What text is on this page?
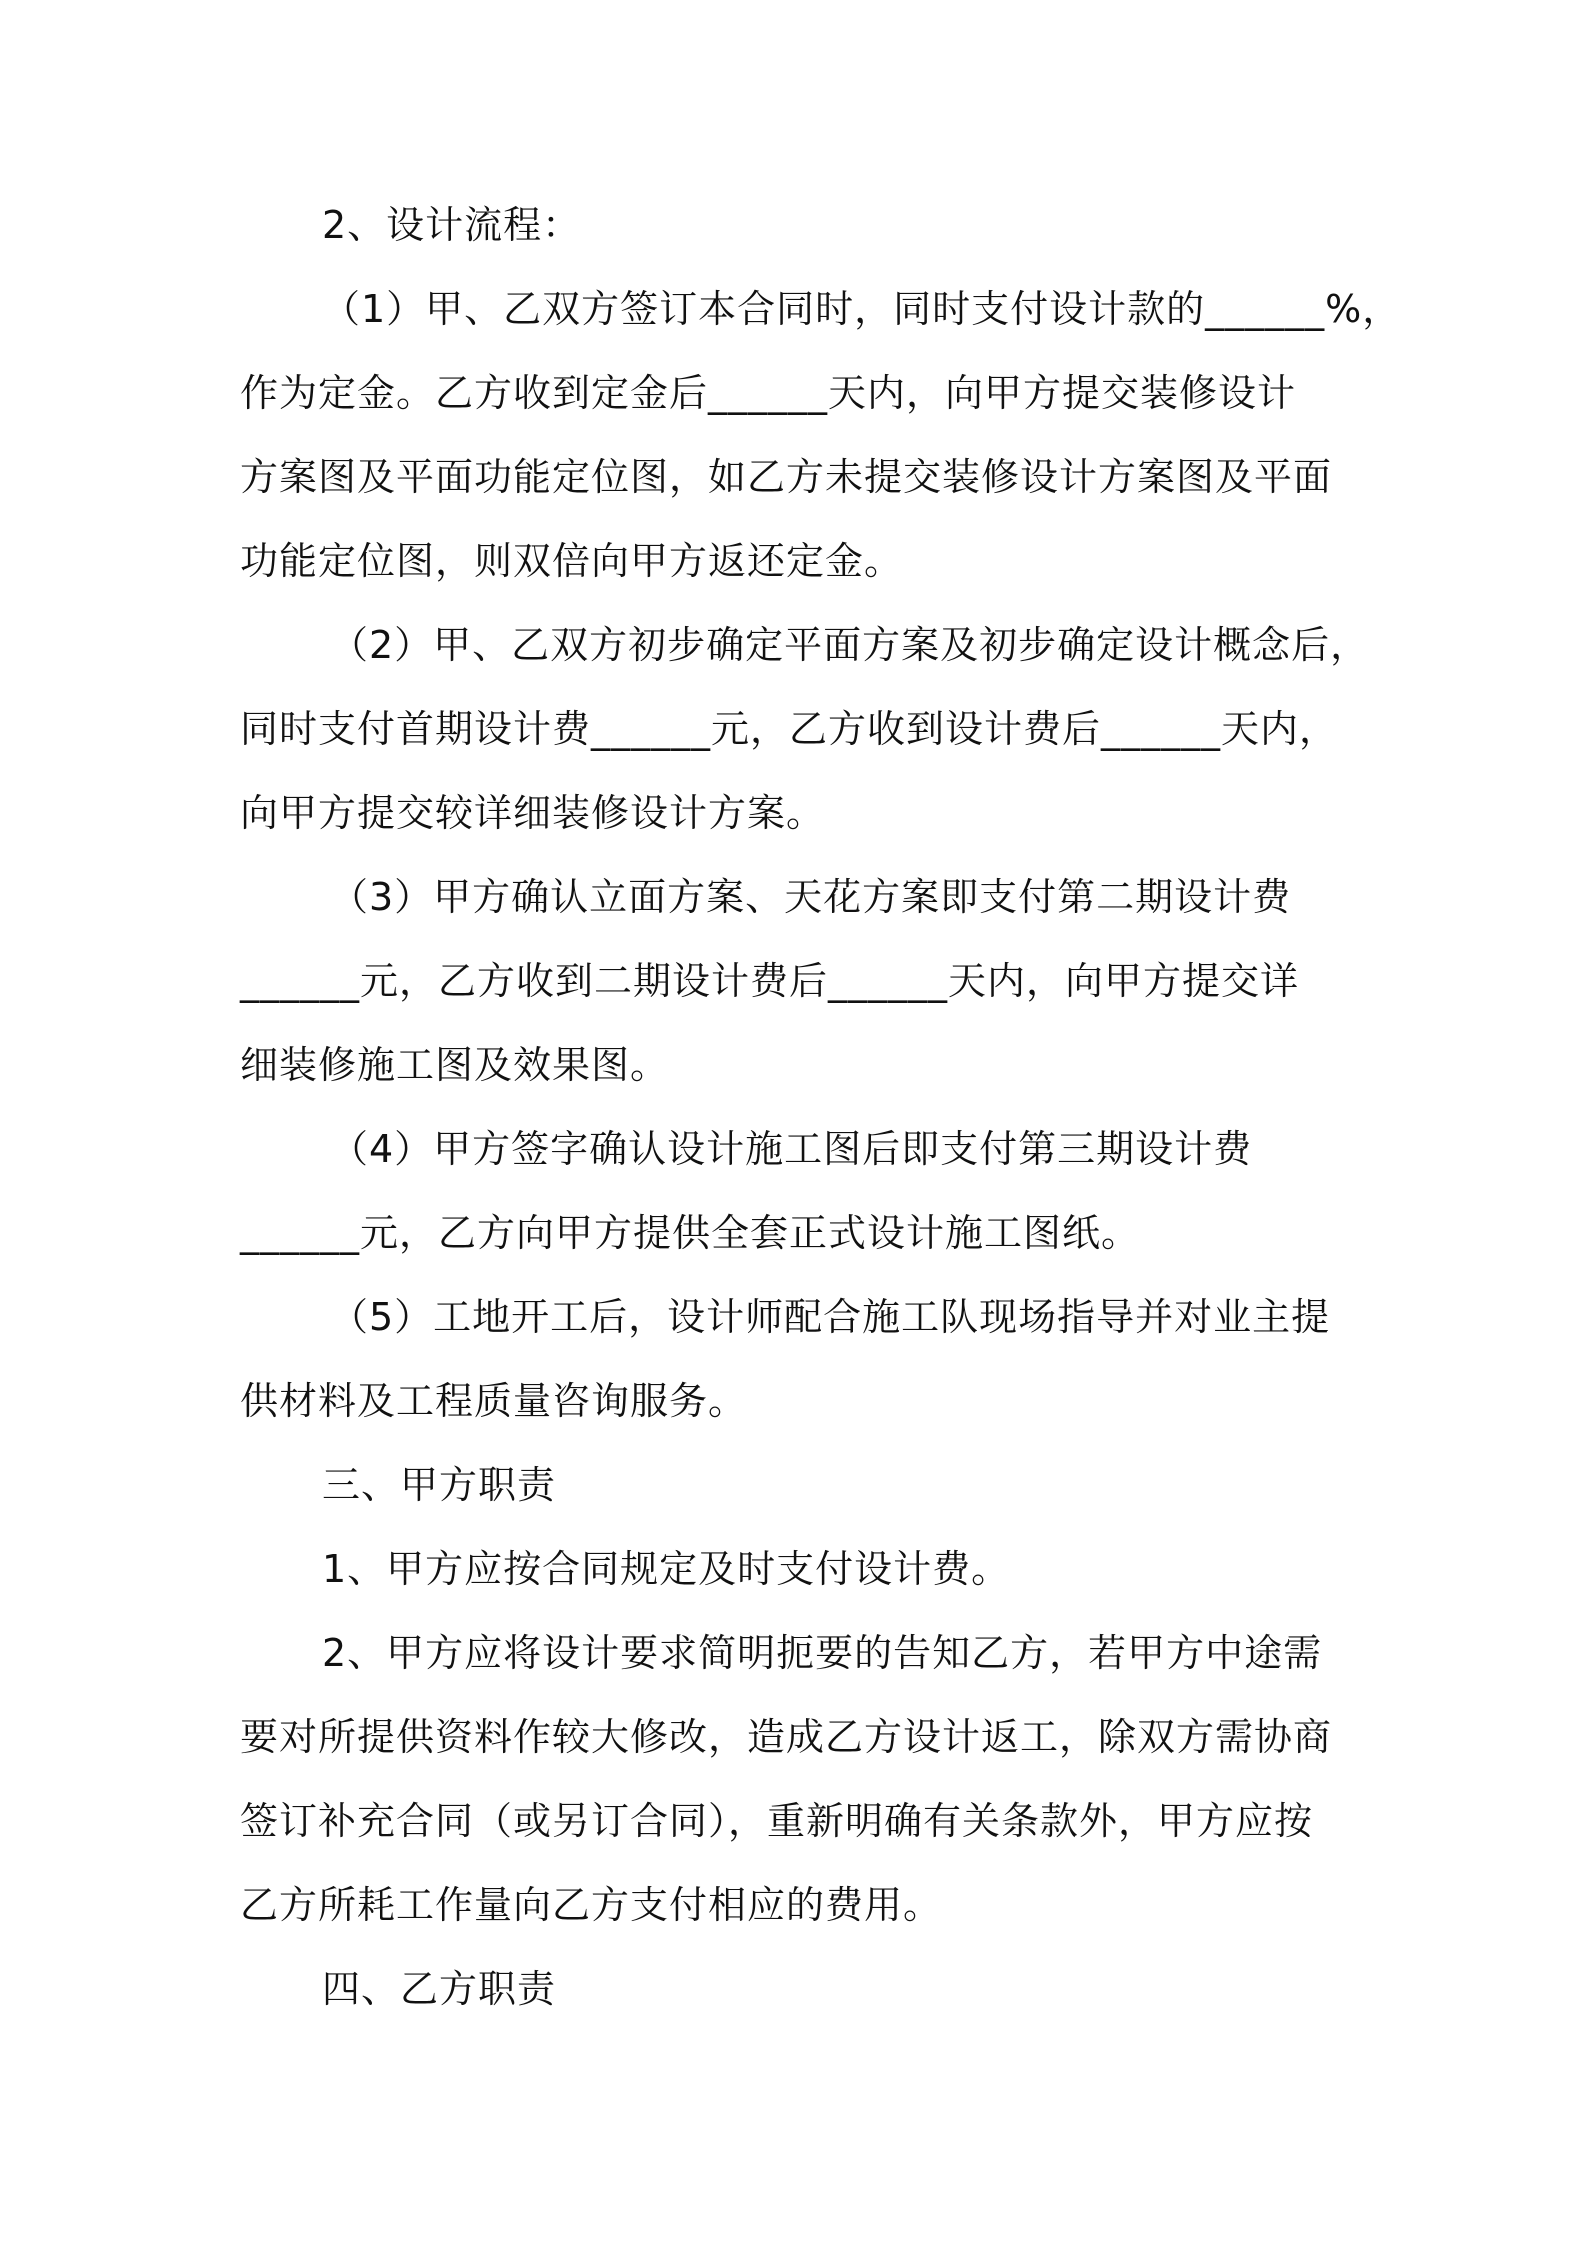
2、设计流程：
（1）甲、乙双方签订本合同时，同时支付设计款的______%，
作为定金。乙方收到定金后______天内，向甲方提交装修设计
方案图及平面功能定位图，如乙方未提交装修设计方案图及平面
功能定位图，则双倍向甲方返还定金。
（2）甲、乙双方初步确定平面方案及初步确定设计概念后，
同时支付首期设计费______元，乙方收到设计费后______天内，
向甲方提交较详细装修设计方案。
（3）甲方确认立面方案、天花方案即支付第二期设计费
______元，乙方收到二期设计费后______天内，向甲方提交详
细装修施工图及效果图。
（4）甲方签字确认设计施工图后即支付第三期设计费
______元，乙方向甲方提供全套正式设计施工图纸。
（5）工地开工后，设计师配合施工队现场指导并对业主提
供材料及工程质量咨询服务。
三、甲方职责
1、甲方应按合同规定及时支付设计费。
2、甲方应将设计要求简明扼要的告知乙方，若甲方中途需
要对所提供资料作较大修改，造成乙方设计返工，除双方需协商
签订补充合同（或另订合同），重新明确有关条款外，甲方应按
乙方所耗工作量向乙方支付相应的费用。
四、乙方职责
